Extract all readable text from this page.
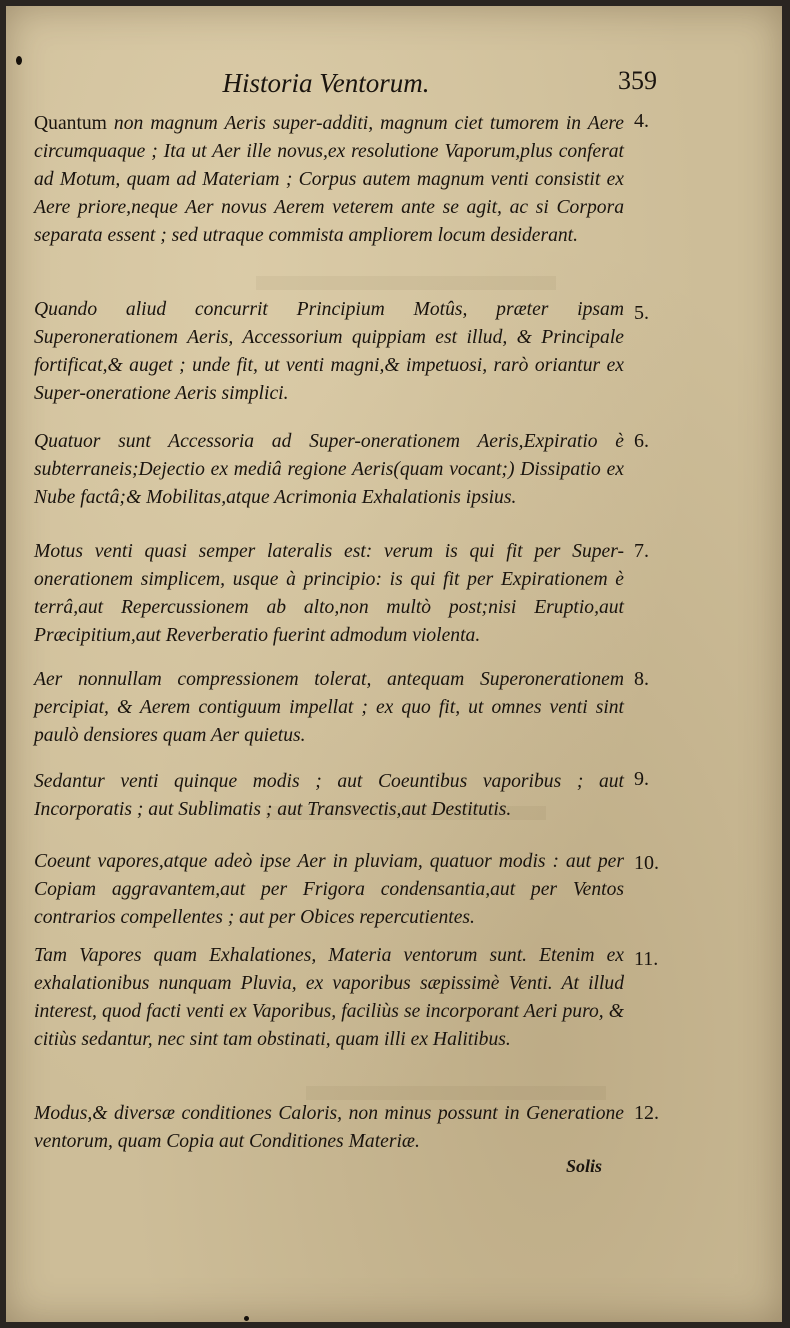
Historia Ventorum.	359
Quantum non magnum Aeris super-additi, magnum ciet tumorem in Aere circumquaque ; Ita ut Aer ille novus,ex resolutione Vaporum,plus conferat ad Motum, quam ad Materiam ; Corpus autem magnum venti consistit ex Aere priore,neque Aer novus Aerem veterem ante se agit, ac si Corpora separata essent ; sed utraque commista ampliorem locum desiderant.
4.
Quando aliud concurrit Principium Motûs, præter ipsam Superonerationem Aeris, Accessorium quippiam est illud, & Principale fortificat,& auget ; unde fit, ut venti magni,& impetuosi, rarò oriantur ex Super-oneratione Aeris simplici.
5.
Quatuor sunt Accessoria ad Super-onerationem Aeris,Expiratio è subterraneis;Dejectio ex mediâ regione Aeris(quam vocant;) Dissipatio ex Nube factâ;& Mobilitas,atque Acrimonia Exhalationis ipsius.
6.
Motus venti quasi semper lateralis est: verum is qui fit per Super-onerationem simplicem, usque à principio: is qui fit per Expirationem è terrâ,aut Repercussionem ab alto,non multò post;nisi Eruptio,aut Præcipitium,aut Reverberatio fuerint admodum violenta.
7.
Aer nonnullam compressionem tolerat, antequam Superonerationem percipiat, & Aerem contiguum impellat ; ex quo fit, ut omnes venti sint paulò densiores quam Aer quietus.
8.
Sedantur venti quinque modis ; aut Coeuntibus vaporibus ; aut Incorporatis ; aut Sublimatis ; aut Transvectis,aut Destitutis.
9.
Coeunt vapores,atque adeò ipse Aer in pluviam, quatuor modis : aut per Copiam aggravantem,aut per Frigora condensantia,aut per Ventos contrarios compellentes ; aut per Obices repercutientes.
10.
Tam Vapores quam Exhalationes, Materia ventorum sunt. Etenim ex exhalationibus nunquam Pluvia, ex vaporibus sæpissimè Venti. At illud interest, quod facti venti ex Vaporibus, faciliùs se incorporant Aeri puro, & citiùs sedantur, nec sint tam obstinati, quam illi ex Halitibus.
11.
Modus,& diversæ conditiones Caloris, non minus possunt in Generatione ventorum, quam Copia aut Conditiones Materiæ.
12.
Solis
